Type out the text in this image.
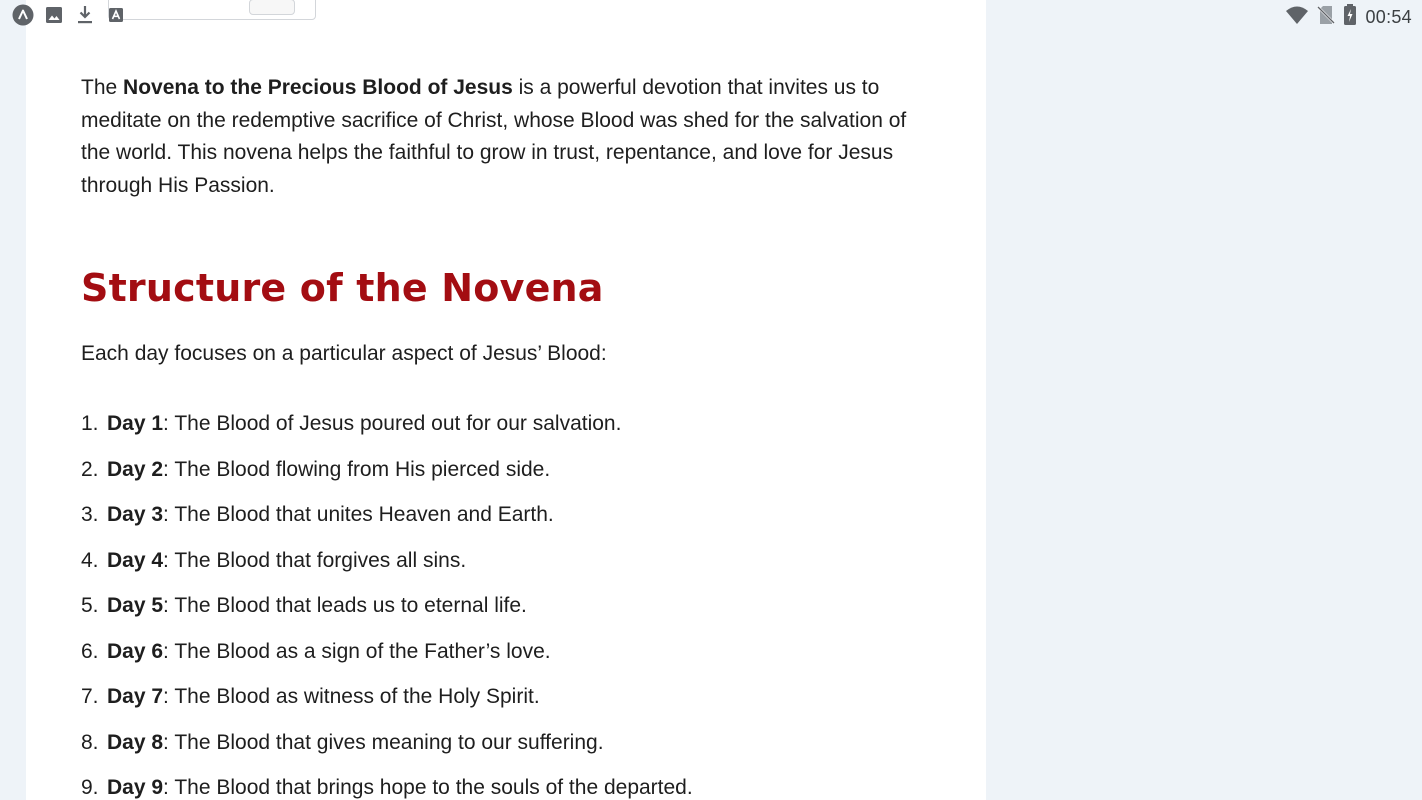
00:54

The Novena to the Precious Blood of Jesus is a powerful devotion that invites us to meditate on the redemptive sacrifice of Christ, whose Blood was shed for the salvation of the world. This novena helps the faithful to grow in trust, repentance, and love for Jesus through His Passion.

Structure of the Novena

Each day focuses on a particular aspect of Jesus’ Blood:

1. Day 1: The Blood of Jesus poured out for our salvation.
2. Day 2: The Blood flowing from His pierced side.
3. Day 3: The Blood that unites Heaven and Earth.
4. Day 4: The Blood that forgives all sins.
5. Day 5: The Blood that leads us to eternal life.
6. Day 6: The Blood as a sign of the Father’s love.
7. Day 7: The Blood as witness of the Holy Spirit.
8. Day 8: The Blood that gives meaning to our suffering.
9. Day 9: The Blood that brings hope to the souls of the departed.
